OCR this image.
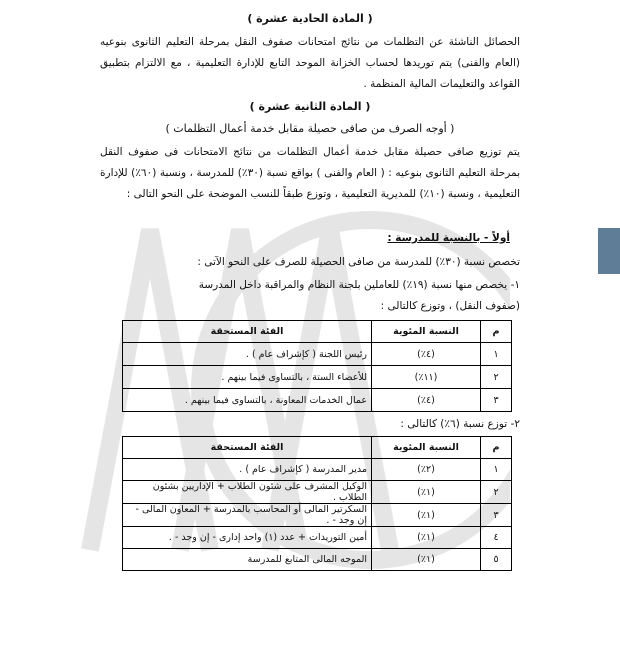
( المادة الحادية عشرة )
الحصائل الناشئة عن التظلمات من نتائج امتحانات صفوف النقل بمرحلة التعليم الثانوى بنوعيه (العام والفنى) يتم توريدها لحساب الخزانة الموحد التابع للإدارة التعليمية ، مع الالتزام بتطبيق القواعد والتعليمات المالية المنظمة .
( المادة الثانية عشرة )
( أوجه الصرف من صافى حصيلة مقابل خدمة أعمال التظلمات )
يتم توزيع صافى حصيلة مقابل خدمة أعمال التظلمات من نتائج الامتحانات فى صفوف النقل بمرحلة التعليم الثانوى بنوعيه : ( العام والفنى ) بواقع نسبة (٣٠٪) للمدرسة ، ونسبة (٦٠٪) للإدارة التعليمية ، ونسبة (١٠٪) للمديرية التعليمية ، وتوزع طبقاً للنسب الموضحة على النحو التالى :
أولاً - بالنسبة للمدرسة :
تخصص نسبة (٣٠٪) للمدرسة من صافى الحصيلة للصرف على النحو الآتى :
١- يخصص منها نسبة (١٩٪) للعاملين بلجنة النظام والمراقبة داخل المدرسة
(صفوف النقل) ، وتوزع كالتالى :
م	النسبة المئوية	الفئة المستحقة
١	(٤٪)	رئيس اللجنة ( كإشراف عام ) .
٢	(١١٪)	للأعضاء الستة ، بالتساوى فيما بينهم .
٣	(٤٪)	عمال الخدمات المعاونة ، بالتساوى فيما بينهم .
٢- توزع نسبة (٦٪) كالتالى :
م	النسبة المئوية	الفئة المستحقة
١	(٢٪)	مدير المدرسة ( كإشراف عام ) .
٢	(١٪)	الوكيل المشرف على شئون الطلاب + الإداريين بشئون الطلاب .
٣	(١٪)	السكرتير المالى أو المحاسب بالمدرسة + المعاون المالى - إن وجد - .
٤	(١٪)	أمين التوريدات + عدد (١) واحد إدارى - إن وجد - .
٥	(١٪)	الموجه المالى المتابع للمدرسة
